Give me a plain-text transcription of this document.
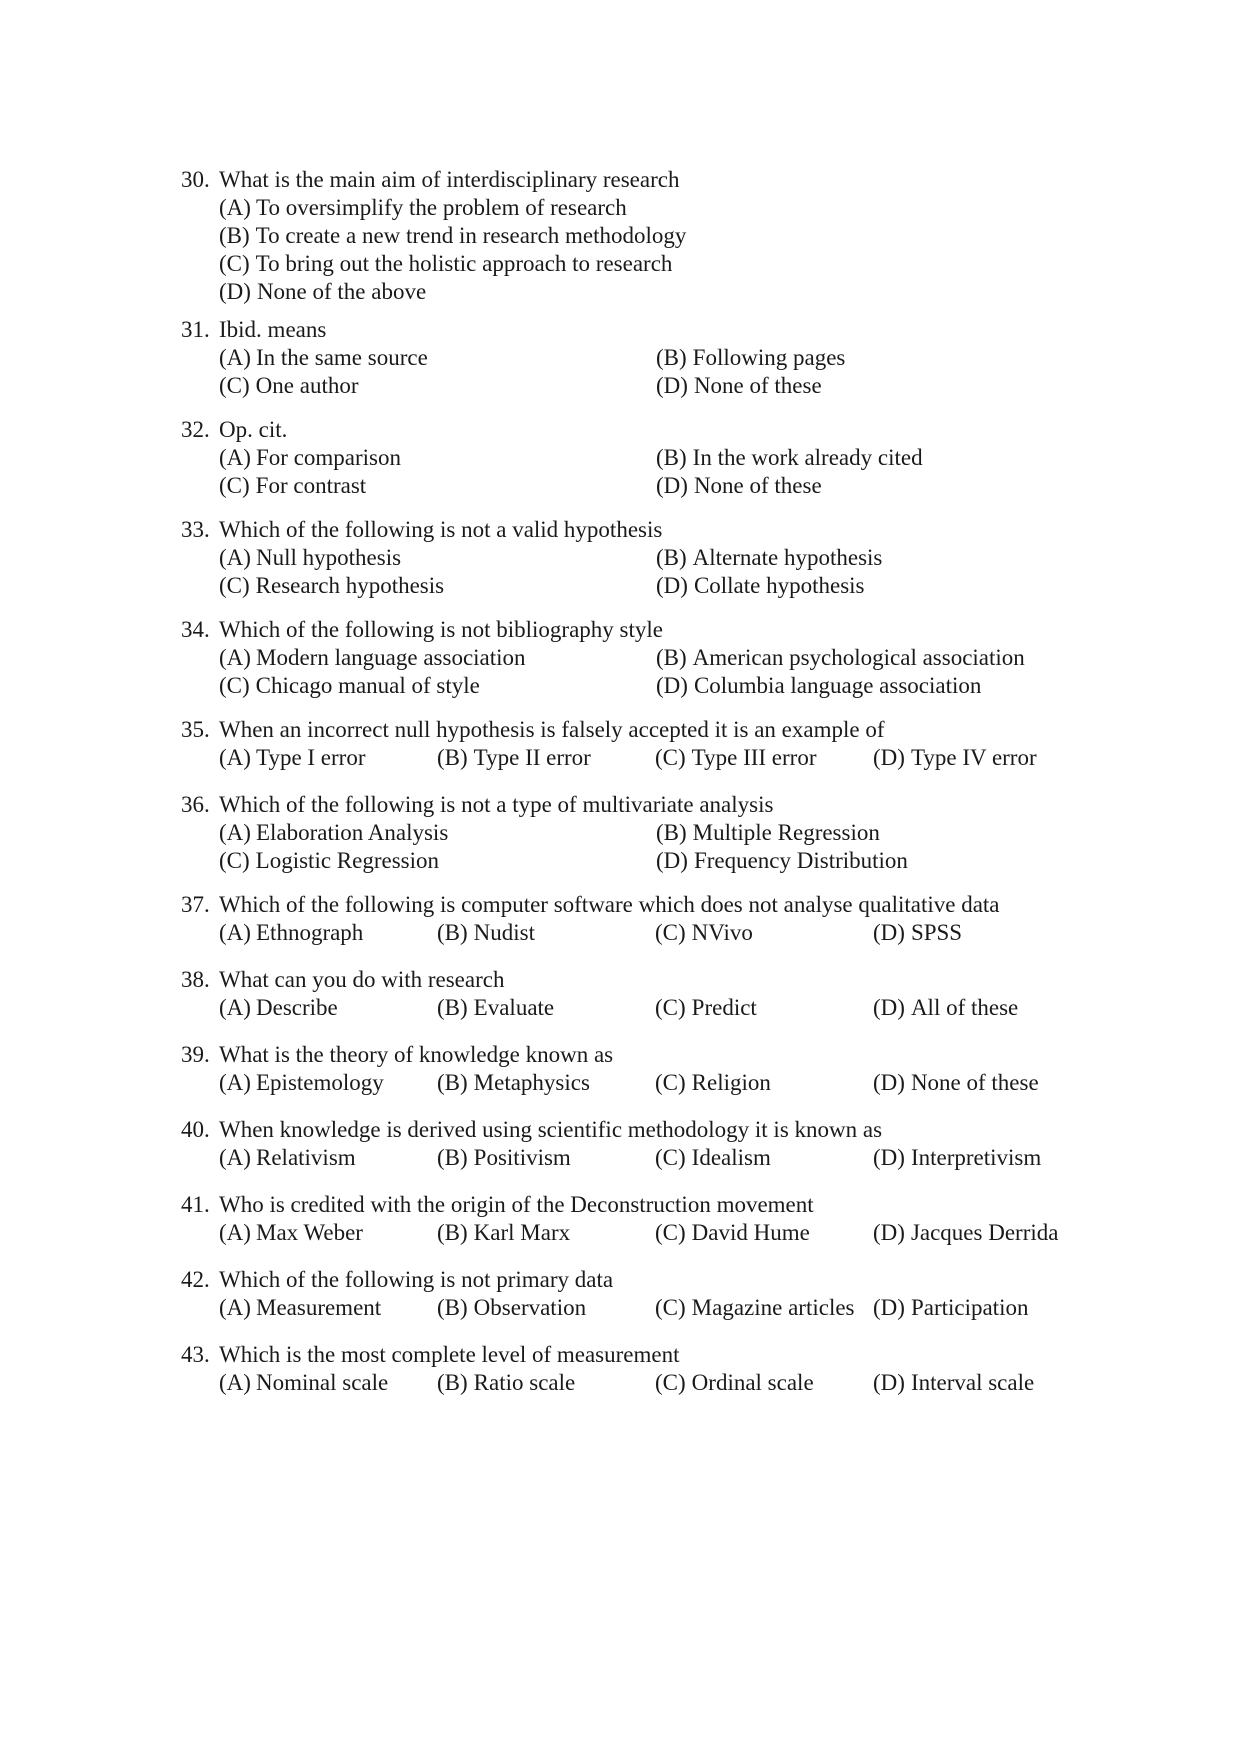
30. What is the main aim of interdisciplinary research
(A) To oversimplify the problem of research
(B) To create a new trend in research methodology
(C) To bring out the holistic approach to research
(D) None of the above
31. Ibid. means
(A) In the same source	(B) Following pages
(C) One author	(D) None of these
32. Op. cit.
(A) For comparison	(B) In the work already cited
(C) For contrast	(D) None of these
33. Which of the following is not a valid hypothesis
(A) Null hypothesis	(B) Alternate hypothesis
(C) Research hypothesis	(D) Collate hypothesis
34. Which of the following is not bibliography style
(A) Modern language association	(B) American psychological association
(C) Chicago manual of style	(D) Columbia language association
35. When an incorrect null hypothesis is falsely accepted it is an example of
(A) Type I error	(B) Type II error	(C) Type III error (D) Type IV error
36. Which of the following is not a type of multivariate analysis
(A) Elaboration Analysis	(B) Multiple Regression
(C) Logistic Regression	(D) Frequency Distribution
37. Which of the following is computer software which does not analyse qualitative data
(A) Ethnograph	(B) Nudist	(C) NVivo	(D) SPSS
38. What can you do with research
(A) Describe	(B) Evaluate	(C) Predict	(D) All of these
39. What is the theory of knowledge known as
(A) Epistemology (B) Metaphysics	(C) Religion	(D) None of these
40. When knowledge is derived using scientific methodology it is known as
(A) Relativism	(B) Positivism	(C) Idealism	(D) Interpretivism
41. Who is credited with the origin of the Deconstruction movement
(A) Max Weber	(B) Karl Marx	(C) David Hume	(D) Jacques Derrida
42. Which of the following is not primary data
(A) Measurement (B) Observation	(C) Magazine articles (D) Participation
43. Which is the most complete level of measurement
(A) Nominal scale (B) Ratio scale	(C) Ordinal scale	(D) Interval scale
